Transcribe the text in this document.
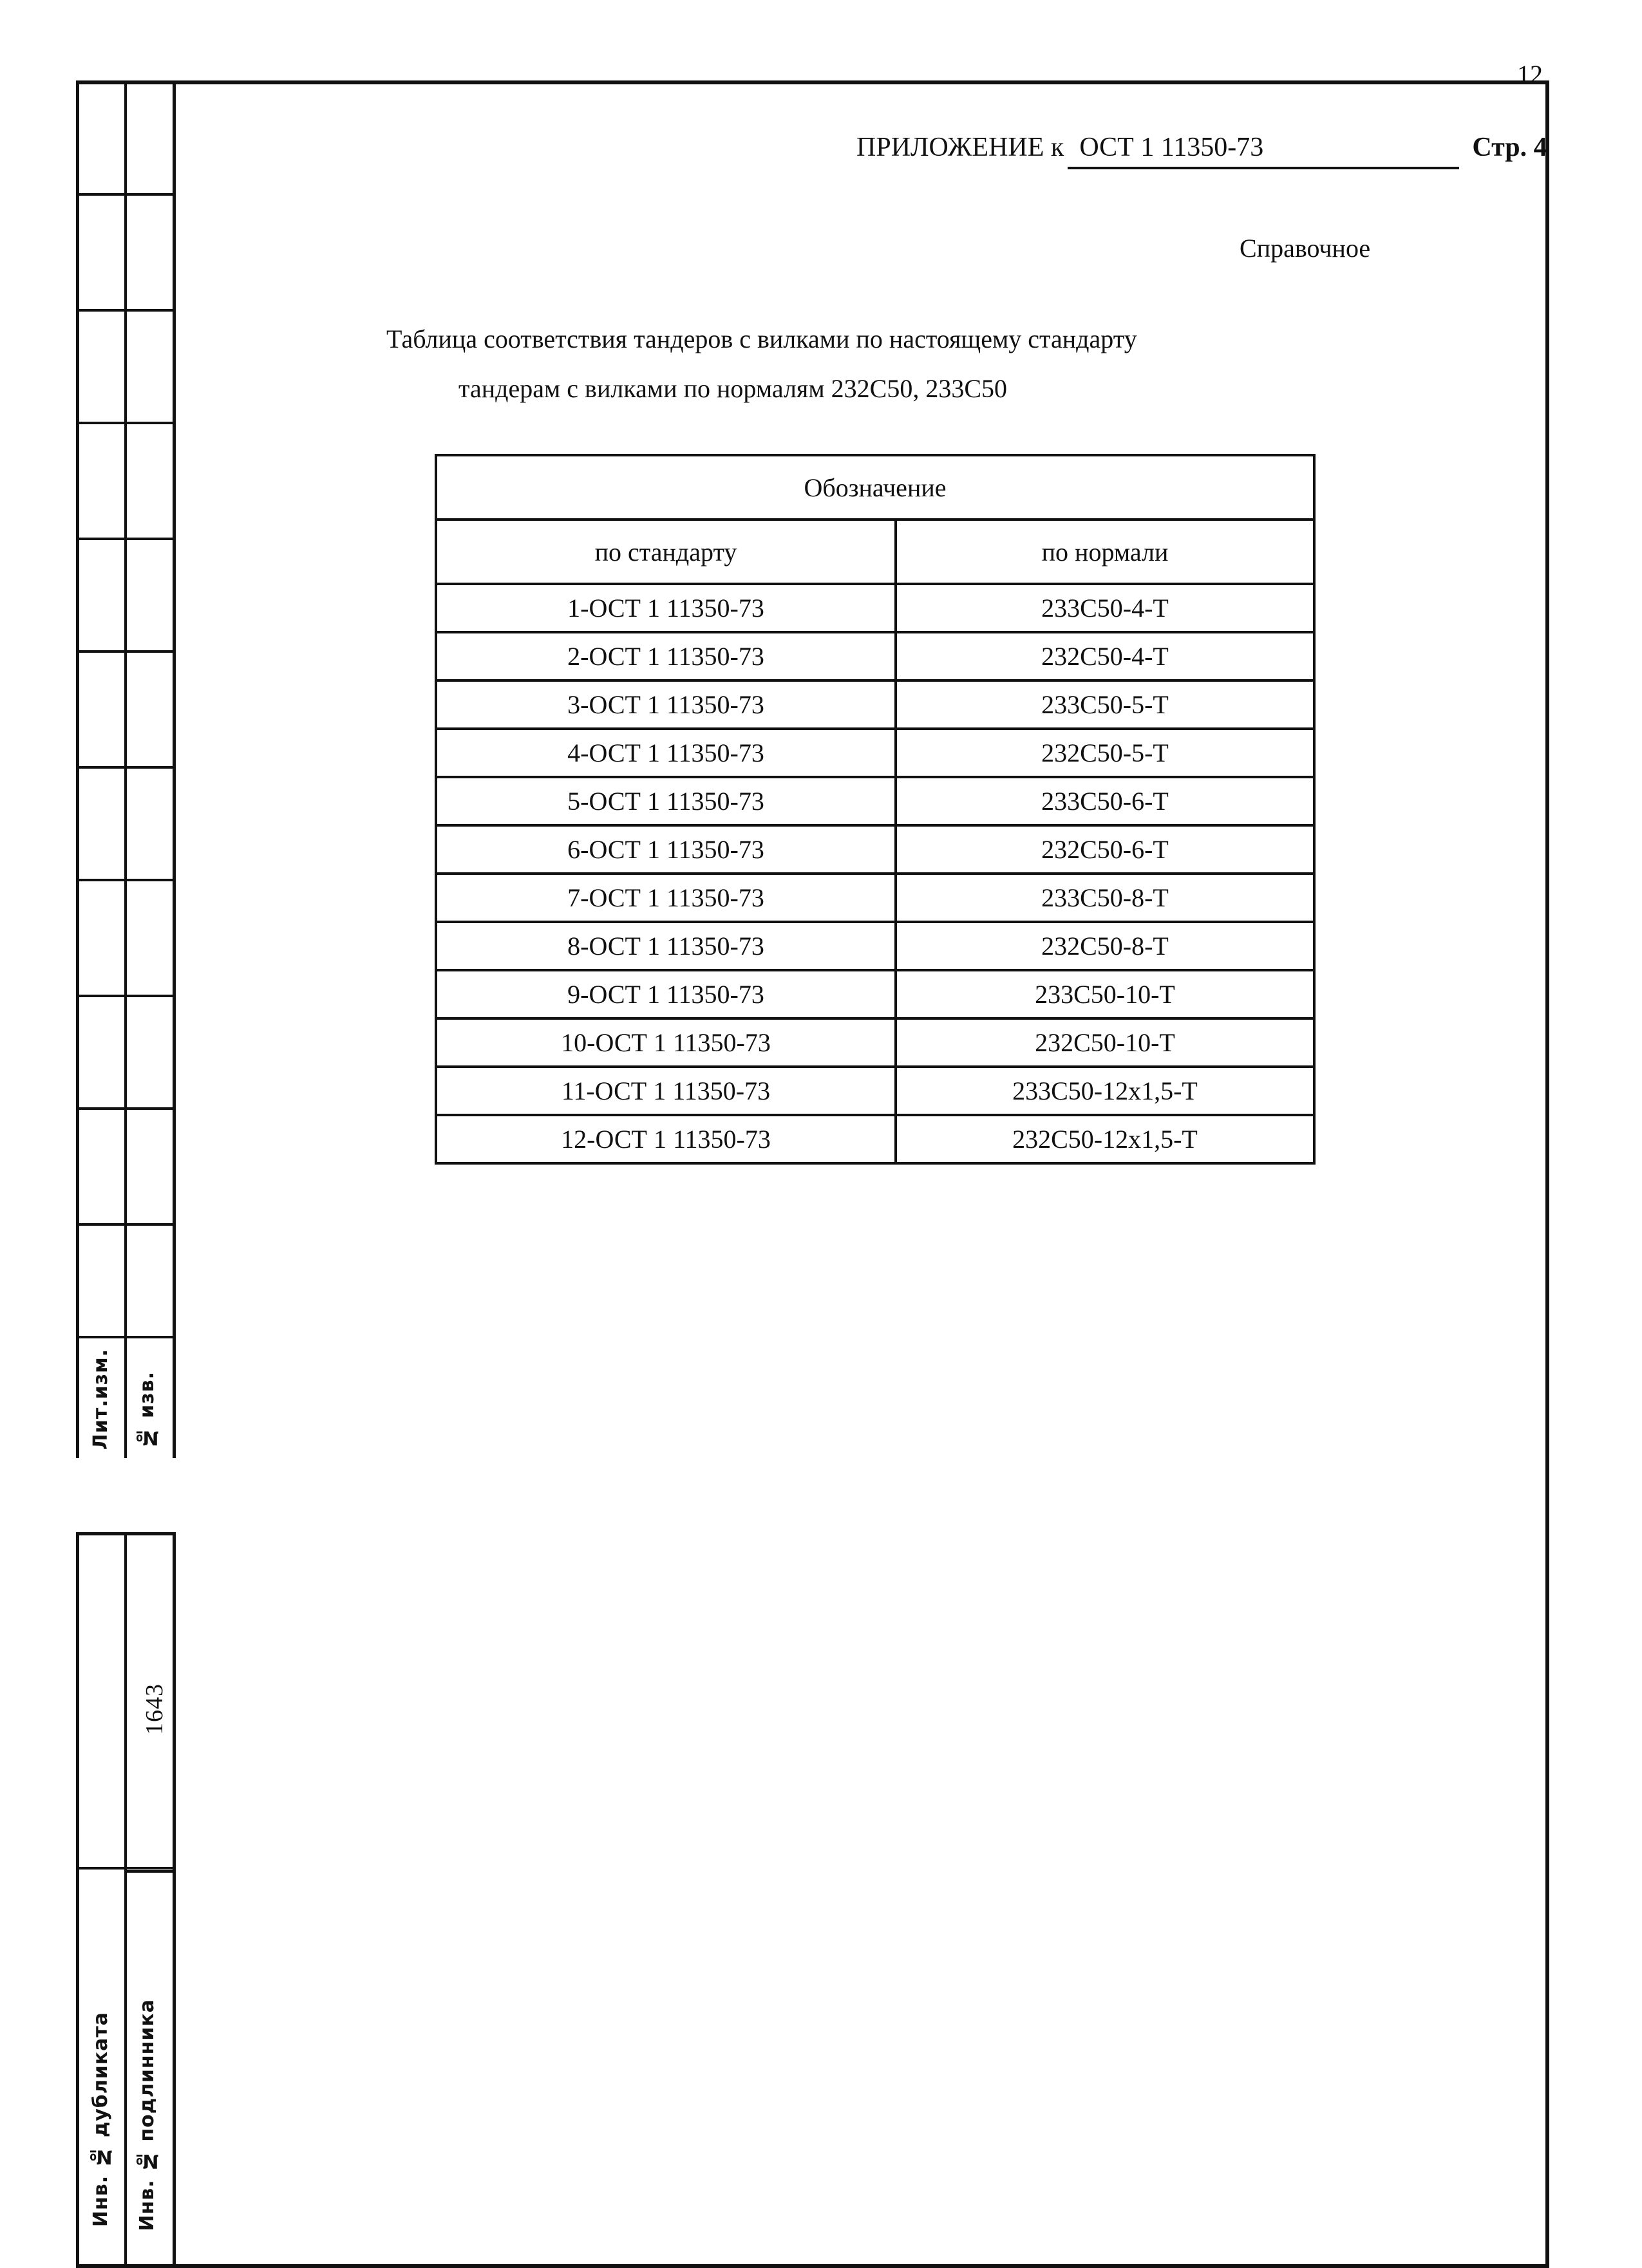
Лит.изм. № изв.
1643
Инв. № дубликата Инв. № подлинника
12
ПРИЛОЖЕНИЕ к ОСТ 1 11350-73	Стр. 4
Справочное
Таблица соответствия тандеров с вилками по настоящему стандарту
тандерам с вилками по нормалям 232С50, 233С50
Обозначение	
по стандарту	по нормали
1-ОСТ 1 11350-73	233С50-4-Т
2-ОСТ 1 11350-73	232С50-4-Т
3-ОСТ 1 11350-73	233С50-5-Т
4-ОСТ 1 11350-73	232С50-5-Т
5-ОСТ 1 11350-73	233С50-6-Т
6-ОСТ 1 11350-73	232С50-6-Т
7-ОСТ 1 11350-73	233С50-8-Т
8-ОСТ 1 11350-73	232С50-8-Т
9-ОСТ 1 11350-73	233С50-10-Т
10-ОСТ 1 11350-73	232С50-10-Т
11-ОСТ 1 11350-73	233С50-12х1,5-Т
12-ОСТ 1 11350-73	232С50-12х1,5-Т
